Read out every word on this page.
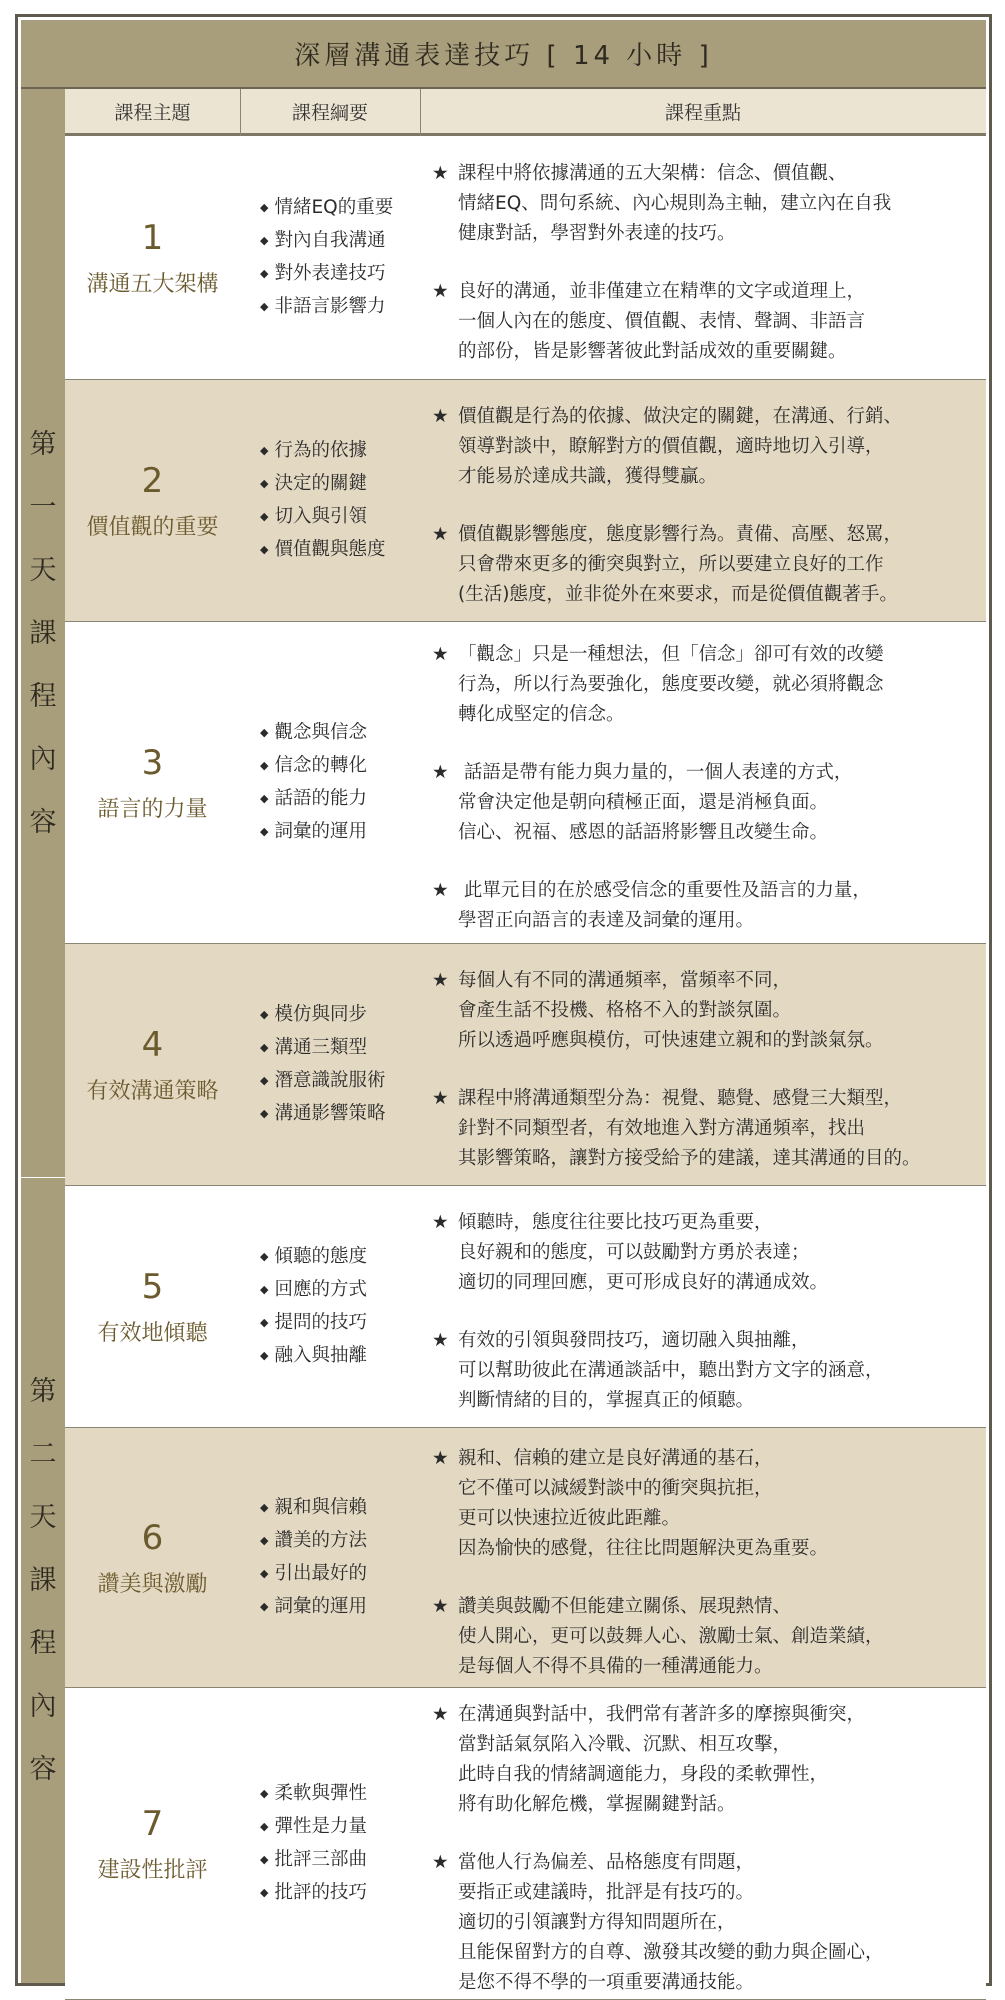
深層溝通表達技巧 [ 14 小時 ]
第
一
天
課
程
內
容
第
二
天
課
程
內
容
課程主題	課程綱要	課程重點
1
溝通五大架構
◆ 情緒EQ的重要
◆ 對內自我溝通
◆ 對外表達技巧
◆ 非語言影響力
★ 課程中將依據溝通的五大架構：信念、價值觀、
情緒EQ、問句系統、內心規則為主軸，建立內在自我
健康對話，學習對外表達的技巧。
★ 良好的溝通，並非僅建立在精準的文字或道理上，
一個人內在的態度、價值觀、表情、聲調、非語言
的部份，皆是影響著彼此對話成效的重要關鍵。
2
價值觀的重要
◆ 行為的依據
◆ 決定的關鍵
◆ 切入與引領
◆ 價值觀與態度
★ 價值觀是行為的依據、做決定的關鍵，在溝通、行銷、
領導對談中，瞭解對方的價值觀，適時地切入引導，
才能易於達成共識，獲得雙贏。
★ 價值觀影響態度，態度影響行為。責備、高壓、怒罵，
只會帶來更多的衝突與對立，所以要建立良好的工作
(生活)態度，並非從外在來要求，而是從價值觀著手。
3
語言的力量
◆ 觀念與信念
◆ 信念的轉化
◆ 話語的能力
◆ 詞彙的運用
★ 「觀念」只是一種想法，但「信念」卻可有效的改變
行為，所以行為要強化，態度要改變，就必須將觀念
轉化成堅定的信念。
★ 話語是帶有能力與力量的，一個人表達的方式，
常會決定他是朝向積極正面，還是消極負面。
信心、祝福、感恩的話語將影響且改變生命。
★ 此單元目的在於感受信念的重要性及語言的力量，
學習正向語言的表達及詞彙的運用。
4
有效溝通策略
◆ 模仿與同步
◆ 溝通三類型
◆ 潛意識說服術
◆ 溝通影響策略
★ 每個人有不同的溝通頻率，當頻率不同，
會產生話不投機、格格不入的對談氛圍。
所以透過呼應與模仿，可快速建立親和的對談氣氛。
★ 課程中將溝通類型分為：視覺、聽覺、感覺三大類型，
針對不同類型者，有效地進入對方溝通頻率，找出
其影響策略，讓對方接受給予的建議，達其溝通的目的。
5
有效地傾聽
◆ 傾聽的態度
◆ 回應的方式
◆ 提問的技巧
◆ 融入與抽離
★ 傾聽時，態度往往要比技巧更為重要，
良好親和的態度，可以鼓勵對方勇於表達；
適切的同理回應，更可形成良好的溝通成效。
★ 有效的引領與發問技巧，適切融入與抽離，
可以幫助彼此在溝通談話中，聽出對方文字的涵意，
判斷情緒的目的，掌握真正的傾聽。
6
讚美與激勵
◆ 親和與信賴
◆ 讚美的方法
◆ 引出最好的
◆ 詞彙的運用
★ 親和、信賴的建立是良好溝通的基石，
它不僅可以減緩對談中的衝突與抗拒，
更可以快速拉近彼此距離。
因為愉快的感覺，往往比問題解決更為重要。
★ 讚美與鼓勵不但能建立關係、展現熱情、
使人開心，更可以鼓舞人心、激勵士氣、創造業績，
是每個人不得不具備的一種溝通能力。
7
建設性批評
◆ 柔軟與彈性
◆ 彈性是力量
◆ 批評三部曲
◆ 批評的技巧
★ 在溝通與對話中，我們常有著許多的摩擦與衝突，
當對話氣氛陷入冷戰、沉默、相互攻擊，
此時自我的情緒調適能力，身段的柔軟彈性，
將有助化解危機，掌握關鍵對話。
★ 當他人行為偏差、品格態度有問題，
要指正或建議時，批評是有技巧的。
適切的引領讓對方得知問題所在，
且能保留對方的自尊、激發其改變的動力與企圖心，
是您不得不學的一項重要溝通技能。
